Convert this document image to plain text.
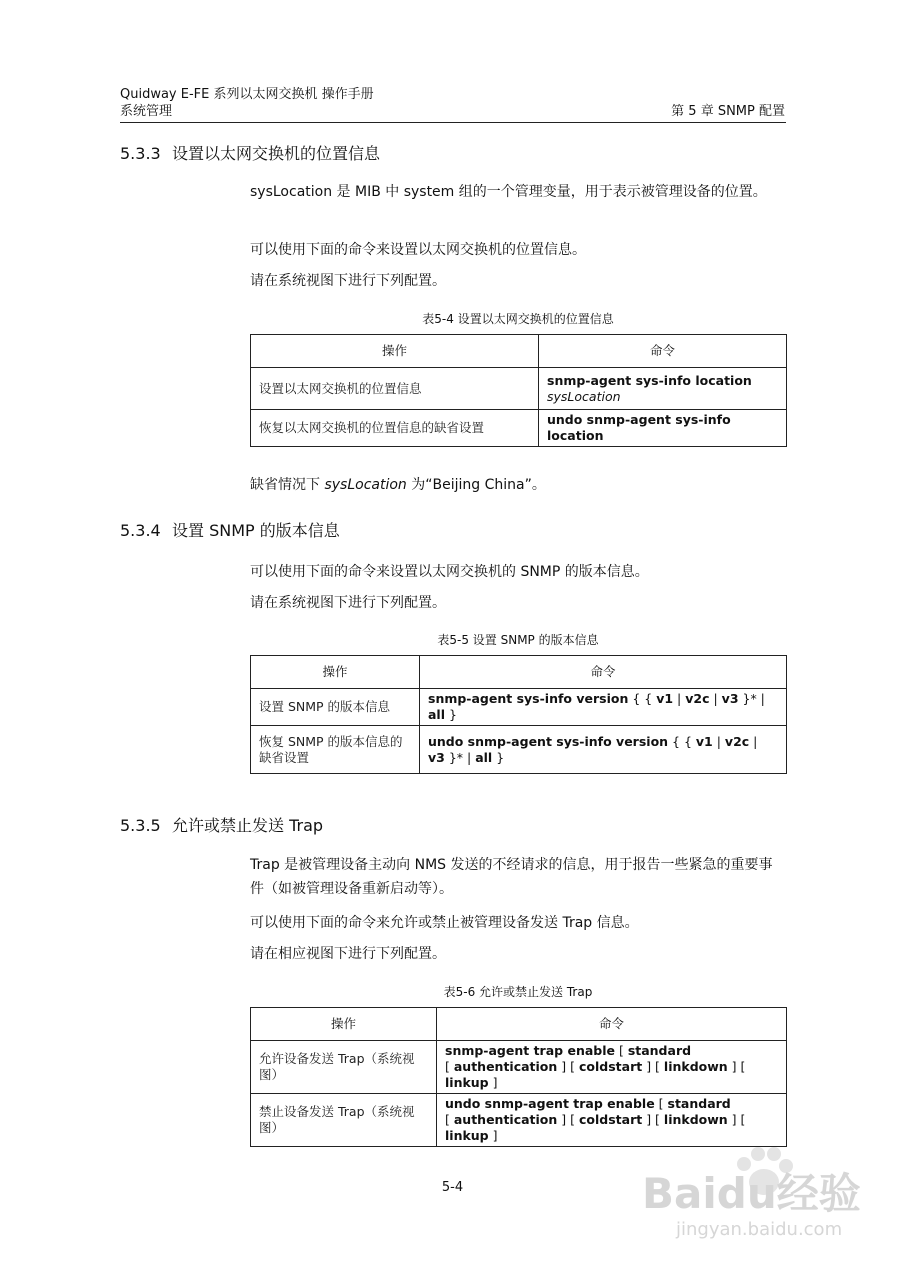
Quidway E-FE 系列以太网交换机 操作手册
系统管理	第 5 章 SNMP 配置
5.3.3 设置以太网交换机的位置信息
sysLocation 是 MIB 中 system 组的一个管理变量，用于表示被管理设备的位置。
可以使用下面的命令来设置以太网交换机的位置信息。
请在系统视图下进行下列配置。
表5-4 设置以太网交换机的位置信息
操作	命令
设置以太网交换机的位置信息	snmp-agent sys-info location
sysLocation
恢复以太网交换机的位置信息的缺省设置	undo snmp-agent sys-info location
缺省情况下 sysLocation 为“Beijing China”。
5.3.4 设置 SNMP 的版本信息
可以使用下面的命令来设置以太网交换机的 SNMP 的版本信息。
请在系统视图下进行下列配置。
表5-5 设置 SNMP 的版本信息
操作	命令
设置 SNMP 的版本信息	snmp-agent sys-info version { { v1 | v2c | v3 }* | all }
恢复 SNMP 的版本信息的缺省设置	undo snmp-agent sys-info version { { v1 | v2c | v3 }* | all }
5.3.5 允许或禁止发送 Trap
Trap 是被管理设备主动向 NMS 发送的不经请求的信息，用于报告一些紧急的重要事件（如被管理设备重新启动等）。
可以使用下面的命令来允许或禁止被管理设备发送 Trap 信息。
请在相应视图下进行下列配置。
表5-6 允许或禁止发送 Trap
操作	命令
允许设备发送 Trap（系统视图）	snmp-agent trap enable [ standard
[ authentication ] [ coldstart ] [ linkdown ] [ linkup ]
禁止设备发送 Trap（系统视图）	undo snmp-agent trap enable [ standard
[ authentication ] [ coldstart ] [ linkdown ] [ linkup ]
5-4	Baidu经验
jingyan.baidu.com
